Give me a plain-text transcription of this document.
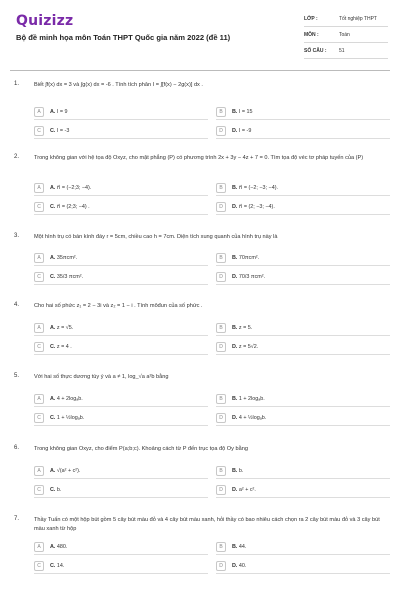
Quizizz
Bộ đề minh họa môn Toán THPT Quốc gia năm 2022 (đề 11)
LỚP :	Tốt nghiệp THPT
MÔN :	Toán
SỐ CÂU :	51
1.	Biết ∫f(x) dx = 3 và ∫g(x) dx = -6 . Tính tích phân I = ∫[f(x) − 2g(x)] dx .
A	A. I = 9	B	B. I = 15
C	C. I = -3	D	D. I = -9
2.	Trong không gian với hệ tọa độ Oxyz, cho mặt phẳng (P) có phương trình 2x + 3y − 4z + 7 = 0. Tìm tọa độ véc tơ pháp tuyến của (P)
A	A. n⃗ = (−2;3; −4).	B	B. n⃗ = (−2; −3; −4).
C	C. n⃗ = (2;3; −4) .	D	D. n⃗ = (2; −3; −4).
3.	Một hình trụ có bán kính đáy r = 5cm, chiều cao h = 7cm. Diện tích xung quanh của hình trụ này là
A	A. 35πcm².	B	B. 70πcm².
C	C. 35/3 πcm².	D	D. 70/3 πcm².
4.	Cho hai số phức z₁ = 2 − 3i và z₂ = 1 − i . Tính môđun của số phức .
A	A. z = √5.	B	B. z = 5.
C	C. z = 4 .	D	D. z = 5√2.
5.	Với hai số thực dương tùy ý và a ≠ 1, log_√a a²b bằng
A	A. 4 + 2logₐb.	B	B. 1 + 2logₐb.
C	C. 1 + ½logₐb.	D	D. 4 + ½logₐb.
6.	Trong không gian Oxyz, cho điểm P(a;b;c). Khoảng cách từ P đến trục tọa độ Oy bằng
A	A. √(a² + c²).	B	B. b.
C	C. b.	D	D. a² + c².
7.	Thầy Tuấn có một hộp bút gồm 5 cây bút màu đỏ và 4 cây bút màu xanh, hỏi thầy có bao nhiêu cách chọn ra 2 cây bút màu đỏ và 3 cây bút màu xanh từ hộp
A	A. 480.	B	B. 44.
C	C. 14.	D	D. 40.
